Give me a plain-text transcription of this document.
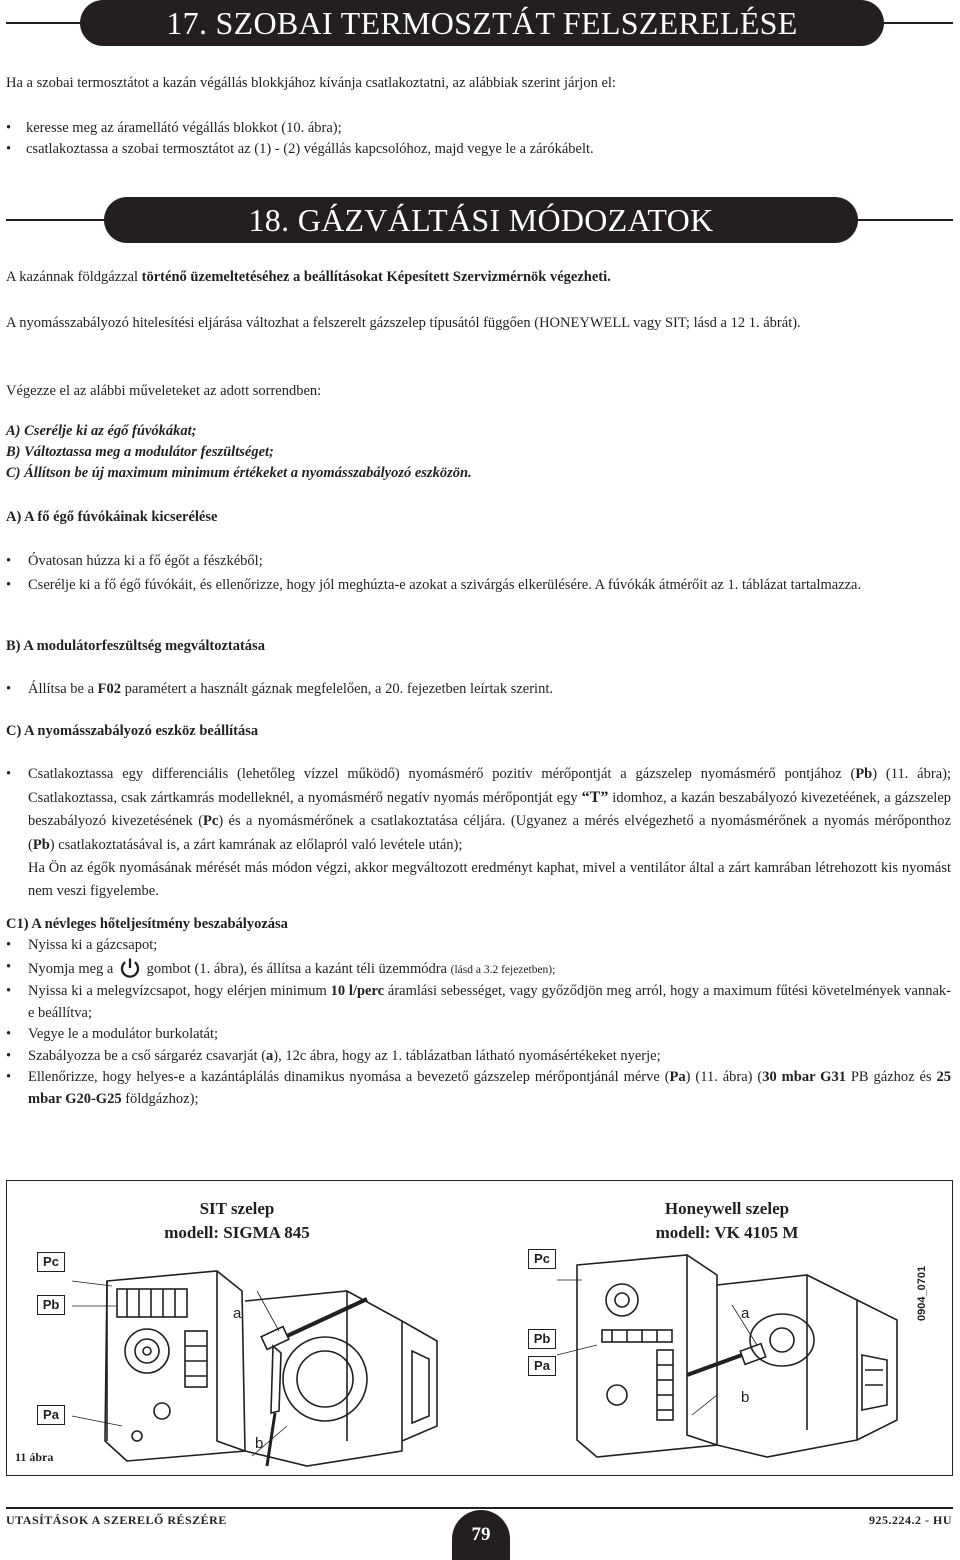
17. SZOBAI TERMOSZTÁT FELSZERELÉSE
Ha a szobai termosztátot a kazán végállás blokkjához kívánja csatlakoztatni, az alábbiak szerint járjon el:
• keresse meg az áramellátó végállás blokkot (10. ábra);
• csatlakoztassa a szobai termosztátot az (1) - (2) végállás kapcsolóhoz, majd vegye le a zárókábelt.
18. GÁZVÁLTÁSI MÓDOZATOK
A kazánnak földgázzal történő üzemeltetéséhez a beállításokat Képesített Szervizmérnök végezheti.
A nyomásszabályozó hitelesítési eljárása változhat a felszerelt gázszelep típusától függően (HONEYWELL vagy SIT; lásd a 12 1. ábrát).
Végezze el az alábbi műveleteket az adott sorrendben:
A) Cserélje ki az égő fúvókákat;
B) Változtassa meg a modulátor feszültséget;
C) Állítson be új maximum minimum értékeket a nyomásszabályozó eszközön.
A) A fő égő fúvókáinak kicserélése
• Óvatosan húzza ki a fő égőt a fészkéből;
• Cserélje ki a fő égő fúvókáit, és ellenőrizze, hogy jól meghúzta-e azokat a szivárgás elkerülésére. A fúvókák átmérőit az 1. táblázat tartalmazza.
B) A modulátorfeszültség megváltoztatása
• Állítsa be a F02 paramétert a használt gáznak megfelelően, a 20. fejezetben leírtak szerint.
C) A nyomásszabályozó eszköz beállítása
• Csatlakoztassa egy differenciális (lehetőleg vízzel működő) nyomásmérő pozitív mérőpontját a gázszelep nyomásmérő pontjához (Pb) (11. ábra); Csatlakoztassa, csak zártkamrás modelleknél, a nyomásmérő negatív nyomás mérőpontját egy “T” idomhoz, a kazán beszabályozó kivezetéének, a gázszelep beszabályozó kivezetésének (Pc) és a nyomásmérőnek a csatlakoztatása céljára. (Ugyanez a mérés elvégezhető a nyomásmérőnek a nyomás mérőponthoz (Pb) csatlakoztatásával is, a zárt kamrának az előlapról való levétele után);
Ha Ön az égők nyomásának mérését más módon végzi, akkor megváltozott eredményt kaphat, mivel a ventilátor által a zárt kamrában létrehozott kis nyomást nem veszi figyelembe.
C1) A névleges hőteljesítmény beszabályozása
• Nyissa ki a gázcsapot;
• Nyomja meg a gombot (1. ábra), és állítsa a kazánt téli üzemmódra (lásd a 3.2 fejezetben);
• Nyissa ki a melegvízcsapot, hogy elérjen minimum 10 l/perc áramlási sebességet, vagy győződjön meg arról, hogy a maximum fűtési követelmények vannak-e beállítva;
• Vegye le a modulátor burkolatát;
• Szabályozza be a cső sárgaréz csavarját (a), 12c ábra, hogy az 1. táblázatban látható nyomásértékeket nyerje;
• Ellenőrizze, hogy helyes-e a kazántáplálás dinamikus nyomása a bevezető gázszelep mérőpontjánál mérve (Pa) (11. ábra) (30 mbar G31 PB gázhoz és 25 mbar G20-G25 földgázhoz);
SIT szelep
modell: SIGMA 845
Honeywell szelep
modell: VK 4105 M
Pc
Pb
Pa
a
b
Pc
Pb
Pa
a
b
0904_0701
11 ábra
UTASÍTÁSOK A SZERELŐ RÉSZÉRE
79
925.224.2 - HU
